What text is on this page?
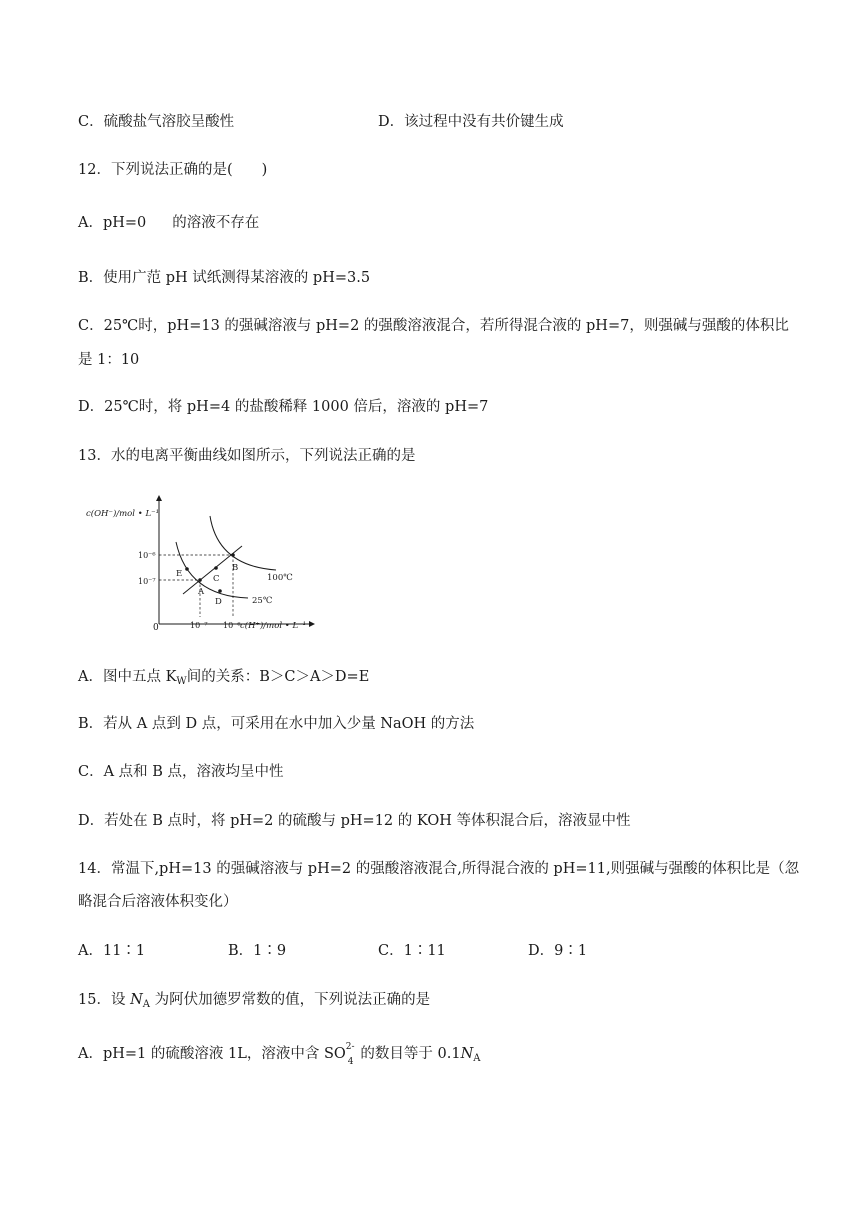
C．硫酸盐气溶胶呈酸性	D．该过程中没有共价键生成
12．下列说法正确的是(　　)
A．pH=0 的溶液不存在
B．使用广范 pH 试纸测得某溶液的 pH=3.5
C．25℃时，pH=13 的强碱溶液与 pH=2 的强酸溶液混合，若所得混合液的 pH=7，则强碱与强酸的体积比
是 1：10
D．25℃时，将 pH=4 的盐酸稀释 1000 倍后，溶液的 pH=7
13．水的电离平衡曲线如图所示，下列说法正确的是
c(OH⁻)/mol • L⁻¹
c(H⁺)/mol • L⁻¹
0
10⁻⁶
10⁻⁷
10⁻⁷ 10⁻⁶
100℃
25℃
A
B
C
D
E
A．图中五点 $K_W$间的关系：B＞C＞A＞D=E
B．若从 A 点到 D 点，可采用在水中加入少量 NaOH 的方法
C．A 点和 B 点，溶液均呈中性
D．若处在 B 点时，将 pH=2 的硫酸与 pH=12 的 KOH 等体积混合后，溶液显中性
14．常温下,pH=13 的强碱溶液与 pH=2 的强酸溶液混合,所得混合液的 pH=11,则强碱与强酸的体积比是（忽
略混合后溶液体积变化）
A．11∶1	B．1∶9	C．1∶11	D．9∶1
15．设 $N_A$ 为阿伏加德罗常数的值，下列说法正确的是
A．pH=1 的硫酸溶液 1L，溶液中含 SO 2-
4 的数目等于 $0.1N_A$
